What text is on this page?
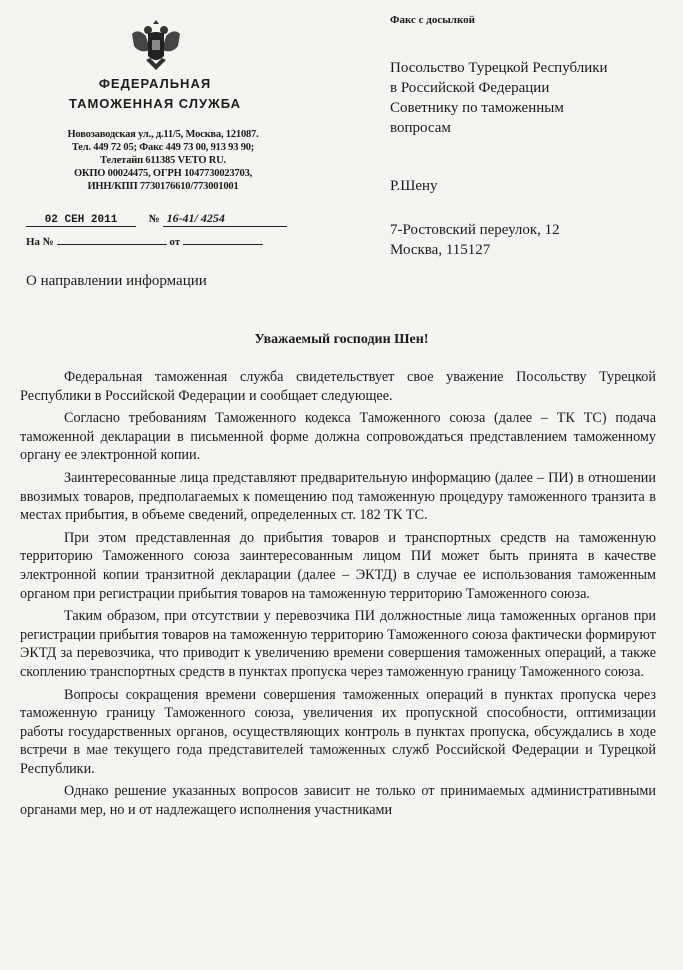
ФЕДЕРАЛЬНАЯ
ТАМОЖЕННАЯ СЛУЖБА
Новозаводская ул., д.11/5, Москва, 121087.
Тел. 449 72 05; Факс 449 73 00, 913 93 90;
Телетайп 611385 VETO RU.
ОКПО 00024475, ОГРН 1047730023703,
ИНН/КПП 7730176610/773001001
02 СЕН 2011	№ 16-41/ 4254
На №	от
О направлении информации
Факс с досылкой
Посольство Турецкой Республики
в Российской Федерации
Советнику по таможенным
вопросам
Р.Шену
7-Ростовский переулок, 12
Москва, 115127
Уважаемый господин Шен!

Федеральная таможенная служба свидетельствует свое уважение Посольству Турецкой Республики в Российской Федерации и сообщает следующее.

Согласно требованиям Таможенного кодекса Таможенного союза (далее – ТК ТС) подача таможенной декларации в письменной форме должна сопровождаться представлением таможенному органу ее электронной копии.

Заинтересованные лица представляют предварительную информацию (далее – ПИ) в отношении ввозимых товаров, предполагаемых к помещению под таможенную процедуру таможенного транзита в местах прибытия, в объеме сведений, определенных ст. 182 ТК ТС.

При этом представленная до прибытия товаров и транспортных средств на таможенную территорию Таможенного союза заинтересованным лицом ПИ может быть принята в качестве электронной копии транзитной декларации (далее – ЭКТД) в случае ее использования таможенным органом при регистрации прибытия товаров на таможенную территорию Таможенного союза.

Таким образом, при отсутствии у перевозчика ПИ должностные лица таможенных органов при регистрации прибытия товаров на таможенную территорию Таможенного союза фактически формируют ЭКТД за перевозчика, что приводит к увеличению времени совершения таможенных операций, а также скоплению транспортных средств в пунктах пропуска через таможенную границу Таможенного союза.

Вопросы сокращения времени совершения таможенных операций в пунктах пропуска через таможенную границу Таможенного союза, увеличения их пропускной способности, оптимизации работы государственных органов, осуществляющих контроль в пунктах пропуска, обсуждались в ходе встречи в мае текущего года представителей таможенных служб Российской Федерации и Турецкой Республики.

Однако решение указанных вопросов зависит не только от принимаемых административными органами мер, но и от надлежащего исполнения участниками
